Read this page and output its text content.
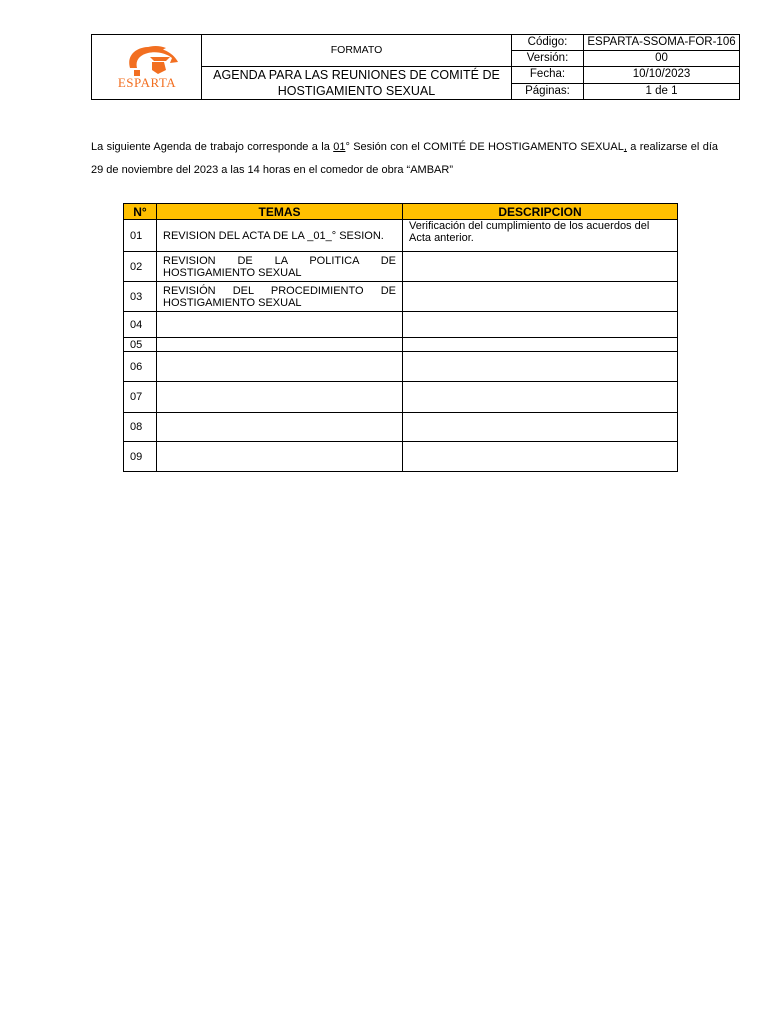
ESPARTA	FORMATO	Código:	ESPARTA-SSOMA-FOR-106
		Versión:	00
	AGENDA PARA LAS REUNIONES DE COMITÉ DE HOSTIGAMIENTO SEXUAL	Fecha:	10/10/2023
		Páginas:	1 de 1

La siguiente Agenda de trabajo corresponde a la 01° Sesión con el COMITÉ DE HOSTIGAMENTO SEXUAL, a realizarse el día 29 de noviembre del 2023 a las 14 horas en el comedor de obra “AMBAR”

N°	TEMAS	DESCRIPCION
01	REVISION DEL ACTA DE LA _01_° SESION.	Verificación del cumplimiento de los acuerdos del Acta anterior.
02	REVISION DE LA POLITICA DE HOSTIGAMIENTO SEXUAL	
03	REVISIÓN DEL PROCEDIMIENTO DE HOSTIGAMIENTO SEXUAL	
04		
05		
06		
07		
08		
09		
